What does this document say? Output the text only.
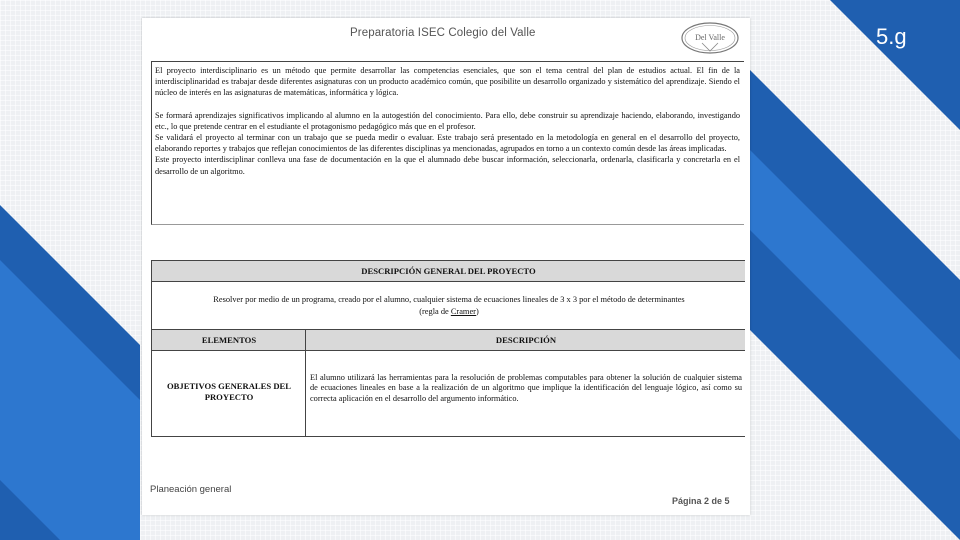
5.g
Preparatoria ISEC Colegio del Valle	Del Valle

El proyecto interdisciplinario es un método que permite desarrollar las competencias esenciales, que son el tema central del plan de estudios actual. El fin de la interdisciplinaridad es trabajar desde diferentes asignaturas con un producto académico común, que posibilite un desarrollo organizado y sistemático del aprendizaje. Siendo el núcleo de interés en las asignaturas de matemáticas, informática y lógica.

Se formará aprendizajes significativos implicando al alumno en la autogestión del conocimiento. Para ello, debe construir su aprendizaje haciendo, elaborando, investigando etc., lo que pretende centrar en el estudiante el protagonismo pedagógico más que en el profesor.

Se validará el proyecto al terminar con un trabajo que se pueda medir o evaluar. Este trabajo será presentado en la metodología en general en el desarrollo del proyecto, elaborando reportes y trabajos que reflejan conocimientos de las diferentes disciplinas ya mencionadas, agrupados en torno a un contexto común desde las áreas implicadas.

Este proyecto interdisciplinar conlleva una fase de documentación en la que el alumnado debe buscar información, seleccionarla, ordenarla, clasificarla y concretarla en el desarrollo de un algoritmo.

DESCRIPCIÓN GENERAL DEL PROYECTO
Resolver por medio de un programa, creado por el alumno, cualquier sistema de ecuaciones lineales de 3 x 3 por el método de determinantes
(regla de Cramer)
ELEMENTOS	DESCRIPCIÓN
OBJETIVOS GENERALES DEL PROYECTO
El alumno utilizará las herramientas para la resolución de problemas computables para obtener la solución de cualquier sistema de ecuaciones lineales en base a la realización de un algoritmo que implique la identificación del lenguaje lógico, así como su correcta aplicación en el desarrollo del argumento informático.
Planeación general
Página 2 de 5
